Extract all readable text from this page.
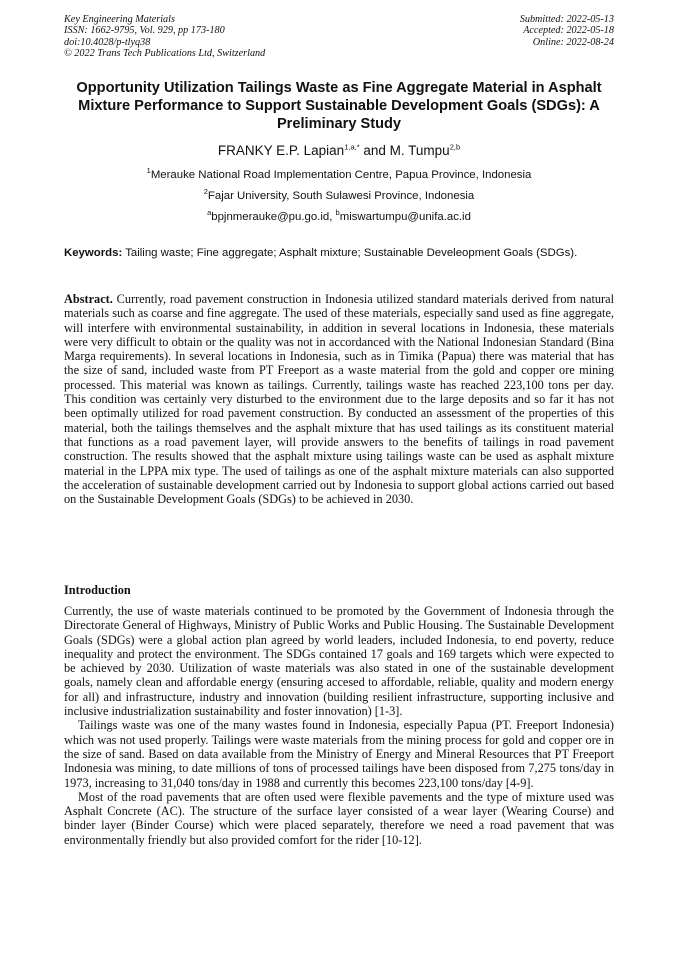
Key Engineering Materials
ISSN: 1662-9795, Vol. 929, pp 173-180
doi:10.4028/p-tlyq38
© 2022 Trans Tech Publications Ltd, Switzerland
Submitted: 2022-05-13
Accepted: 2022-05-18
Online: 2022-08-24
Opportunity Utilization Tailings Waste as Fine Aggregate Material in Asphalt Mixture Performance to Support Sustainable Development Goals (SDGs): A Preliminary Study
FRANKY E.P. Lapian$^{1,a,*}$ and M. Tumpu$^{2,b}$
$^1$Merauke National Road Implementation Centre, Papua Province, Indonesia
$^2$Fajar University, South Sulawesi Province, Indonesia
$^a$bpjnmerauke@pu.go.id, $^b$miswartumpu@unifa.ac.id
Keywords: Tailing waste; Fine aggregate; Asphalt mixture; Sustainable Develeopment Goals (SDGs).
Abstract. Currently, road pavement construction in Indonesia utilized standard materials derived from natural materials such as coarse and fine aggregate. The used of these materials, especially sand used as fine aggregate, will interfere with environmental sustainability, in addition in several locations in Indonesia, these materials were very difficult to obtain or the quality was not in accordanced with the National Indonesian Standard (Bina Marga requirements). In several locations in Indonesia, such as in Timika (Papua) there was material that has the size of sand, included waste from PT Freeport as a waste material from the gold and copper ore mining processed. This material was known as tailings. Currently, tailings waste has reached 223,100 tons per day. This condition was certainly very disturbed to the environment due to the large deposits and so far it has not been optimally utilized for road pavement construction. By conducted an assessment of the properties of this material, both the tailings themselves and the asphalt mixture that has used tailings as its constituent material that functions as a road pavement layer, will provide answers to the benefits of tailings in road pavement construction. The results showed that the asphalt mixture using tailings waste can be used as asphalt mixture material in the LPPA mix type. The used of tailings as one of the asphalt mixture materials can also supported the acceleration of sustainable development carried out by Indonesia to support global actions carried out based on the Sustainable Development Goals (SDGs) to be achieved in 2030.
Introduction

Currently, the use of waste materials continued to be promoted by the Government of Indonesia through the Directorate General of Highways, Ministry of Public Works and Public Housing. The Sustainable Development Goals (SDGs) were a global action plan agreed by world leaders, included Indonesia, to end poverty, reduce inequality and protect the environment. The SDGs contained 17 goals and 169 targets which were expected to be achieved by 2030. Utilization of waste materials was also stated in one of the sustainable development goals, namely clean and affordable energy (ensuring accesed to affordable, reliable, quality and modern energy for all) and infrastructure, industry and innovation (building resilient infrastructure, supporting inclusive and inclusive industrialization sustainability and foster innovation) [1-3].

Tailings waste was one of the many wastes found in Indonesia, especially Papua (PT. Freeport Indonesia) which was not used properly. Tailings were waste materials from the mining process for gold and copper ore in the size of sand. Based on data available from the Ministry of Energy and Mineral Resources that PT Freeport Indonesia was mining, to date millions of tons of processed tailings have been disposed from 7,275 tons/day in 1973, increasing to 31,040 tons/day in 1988 and currently this becomes 223,100 tons/day [4-9].

Most of the road pavements that are often used were flexible pavements and the type of mixture used was Asphalt Concrete (AC). The structure of the surface layer consisted of a wear layer (Wearing Course) and binder layer (Binder Course) which were placed separately, therefore we need a road pavement that was environmentally friendly but also provided comfort for the rider [10-12].
